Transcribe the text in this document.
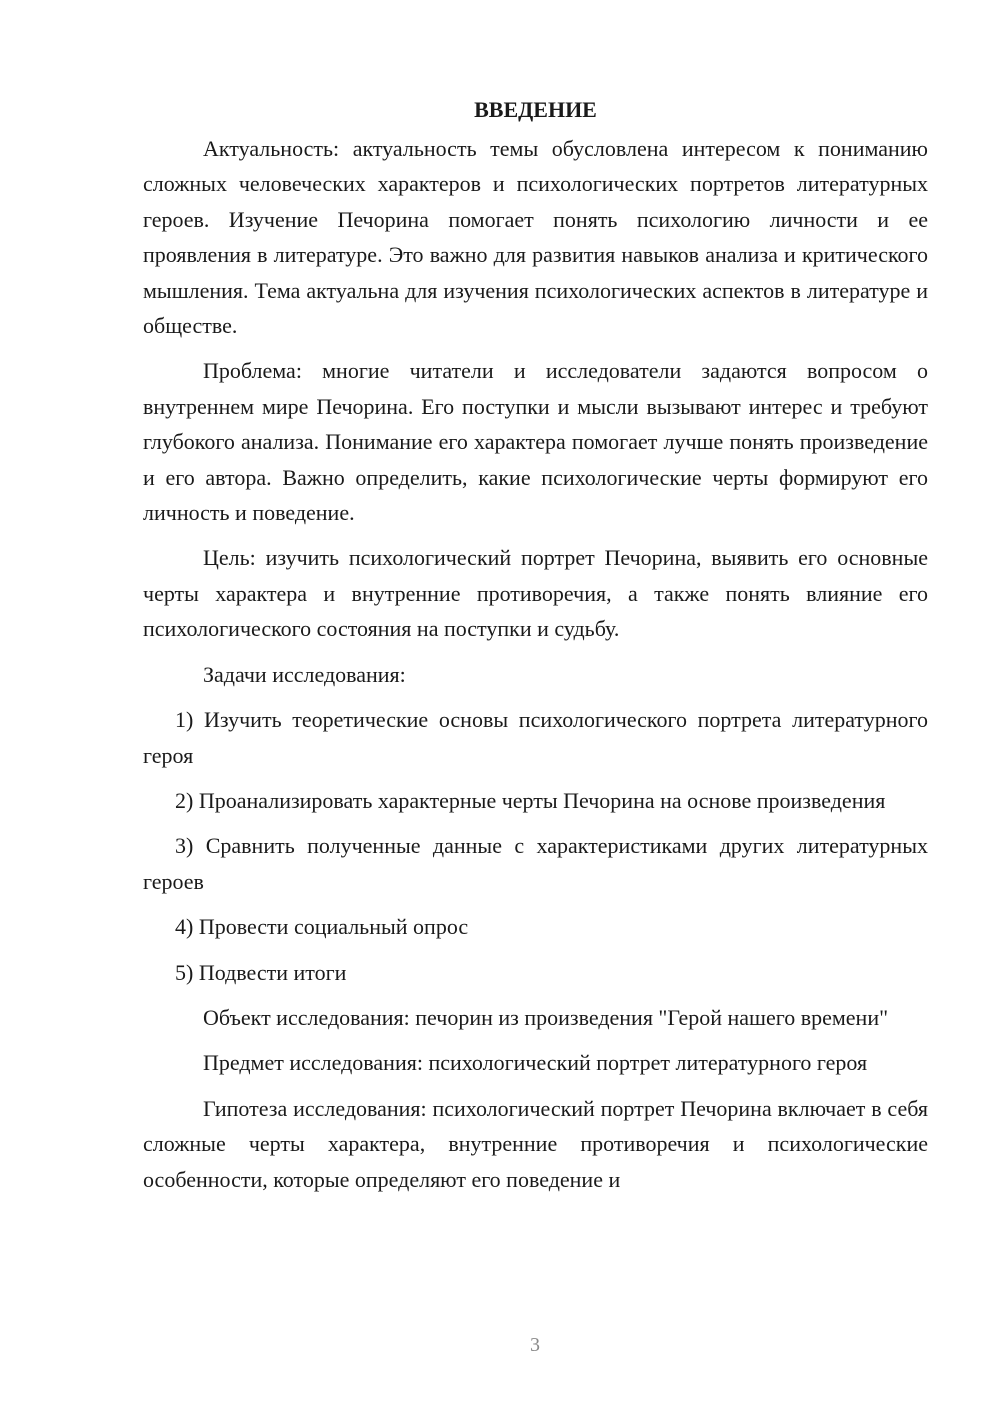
ВВЕДЕНИЕ

Актуальность: актуальность темы обусловлена интересом к пониманию сложных человеческих характеров и психологических портретов литературных героев. Изучение Печорина помогает понять психологию личности и ее проявления в литературе. Это важно для развития навыков анализа и критического мышления. Тема актуальна для изучения психологических аспектов в литературе и обществе.

Проблема: многие читатели и исследователи задаются вопросом о внутреннем мире Печорина. Его поступки и мысли вызывают интерес и требуют глубокого анализа. Понимание его характера помогает лучше понять произведение и его автора. Важно определить, какие психологические черты формируют его личность и поведение.

Цель: изучить психологический портрет Печорина, выявить его основные черты характера и внутренние противоречия, а также понять влияние его психологического состояния на поступки и судьбу.

Задачи исследования:

1) Изучить теоретические основы психологического портрета литературного героя

2) Проанализировать характерные черты Печорина на основе произведения

3) Сравнить полученные данные с характеристиками других литературных героев

4) Провести социальный опрос

5) Подвести итоги

Объект исследования: печорин из произведения "Герой нашего времени"

Предмет исследования: психологический портрет литературного героя

Гипотеза исследования: психологический портрет Печорина включает в себя сложные черты характера, внутренние противоречия и психологические особенности, которые определяют его поведение и

3
